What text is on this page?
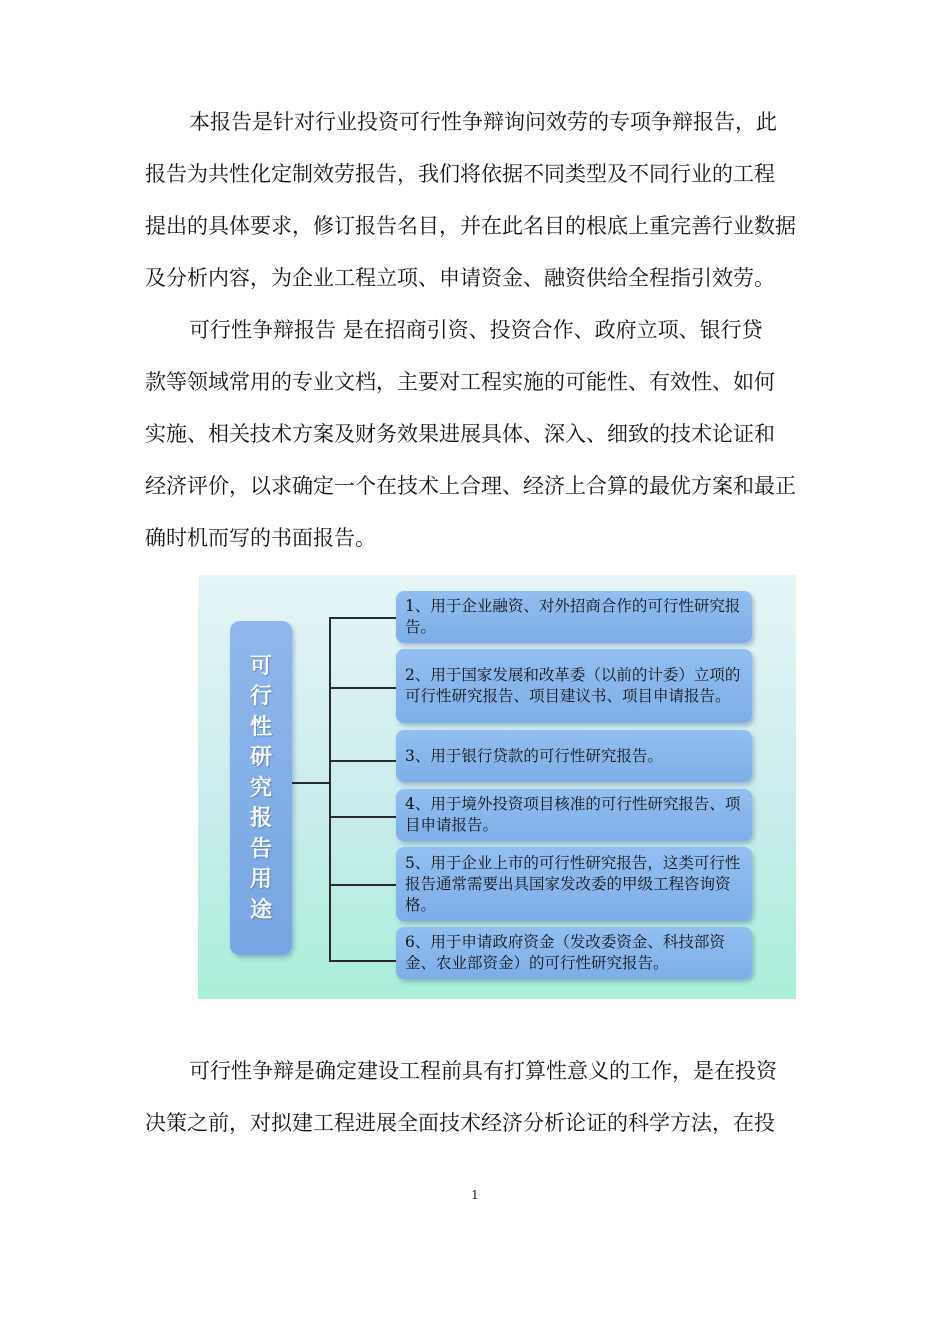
本报告是针对行业投资可行性争辩询问效劳的专项争辩报告，此
报告为共性化定制效劳报告，我们将依据不同类型及不同行业的工程
提出的具体要求，修订报告名目，并在此名目的根底上重完善行业数据
及分析内容，为企业工程立项、申请资金、融资供给全程指引效劳。
可行性争辩报告 是在招商引资、投资合作、政府立项、银行贷
款等领域常用的专业文档，主要对工程实施的可能性、有效性、如何
实施、相关技术方案及财务效果进展具体、深入、细致的技术论证和
经济评价，以求确定一个在技术上合理、经济上合算的最优方案和最正
确时机而写的书面报告。
可
行
性
研
究
报
告
用
途
1、用于企业融资、对外招商合作的可行性研究报告。
2、用于国家发展和改革委（以前的计委）立项的可行性研究报告、项目建议书、项目申请报告。
3、用于银行贷款的可行性研究报告。
4、用于境外投资项目核准的可行性研究报告、项目申请报告。
5、用于企业上市的可行性研究报告，这类可行性报告通常需要出具国家发改委的甲级工程咨询资格。
6、用于申请政府资金（发改委资金、科技部资金、农业部资金）的可行性研究报告。
可行性争辩是确定建设工程前具有打算性意义的工作，是在投资
决策之前，对拟建工程进展全面技术经济分析论证的科学方法，在投
1
